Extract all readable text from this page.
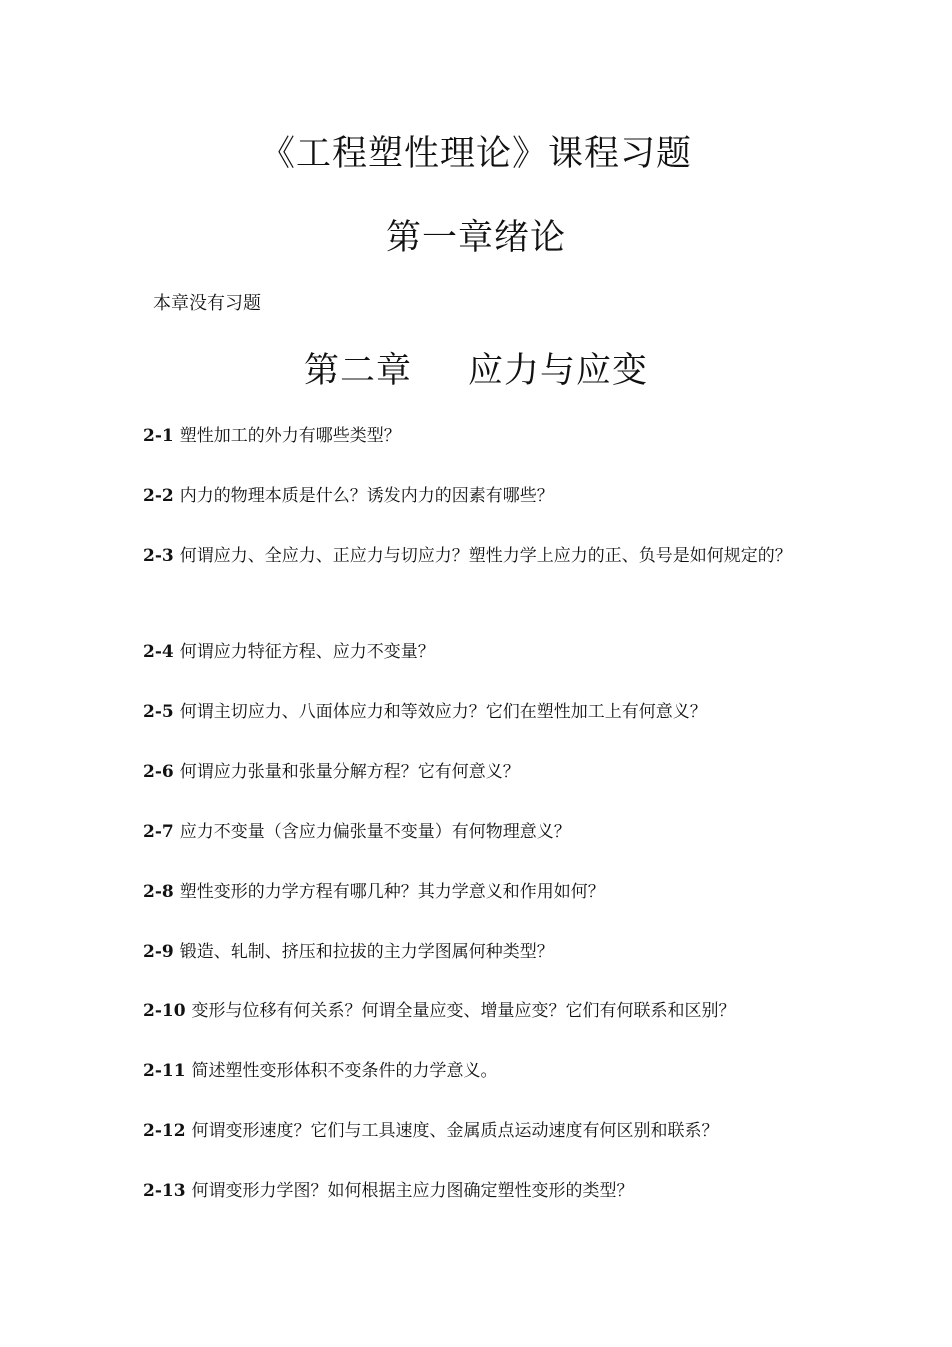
《工程塑性理论》课程习题
第一章绪论
本章没有习题
第二章 应力与应变

2-1 塑性加工的外力有哪些类型？

2-2 内力的物理本质是什么？诱发内力的因素有哪些？

2-3 何谓应力、全应力、正应力与切应力？塑性力学上应力的正、负号是如何规定的？

2-4 何谓应力特征方程、应力不变量？

2-5 何谓主切应力、八面体应力和等效应力？它们在塑性加工上有何意义？

2-6 何谓应力张量和张量分解方程？它有何意义？

2-7 应力不变量（含应力偏张量不变量）有何物理意义？

2-8 塑性变形的力学方程有哪几种？其力学意义和作用如何？

2-9 锻造、轧制、挤压和拉拔的主力学图属何种类型？

2-10 变形与位移有何关系？何谓全量应变、增量应变？它们有何联系和区别？

2-11 简述塑性变形体积不变条件的力学意义。

2-12 何谓变形速度？它们与工具速度、金属质点运动速度有何区别和联系？

2-13 何谓变形力学图？如何根据主应力图确定塑性变形的类型？
